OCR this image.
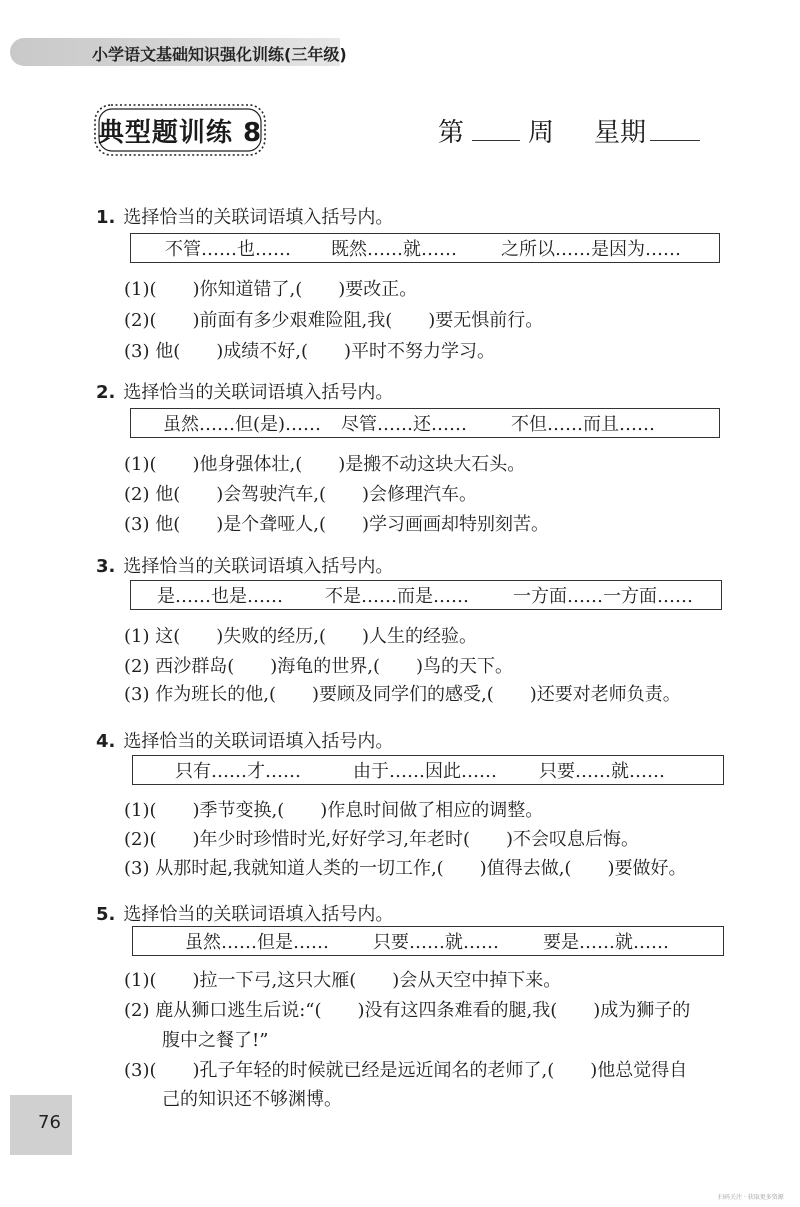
小学语文基础知识强化训练(三年级)
典型题训练 8	第 周 星期
1. 选择恰当的关联词语填入括号内。
不管……也…… 既然……就…… 之所以……是因为……
(1)(　　)你知道错了,(　　)要改正。
(2)(　　)前面有多少艰难险阻,我(　　)要无惧前行。
(3) 他(　　)成绩不好,(　　)平时不努力学习。
2. 选择恰当的关联词语填入括号内。
虽然……但(是)…… 尽管……还…… 不但……而且……
(1)(　　)他身强体壮,(　　)是搬不动这块大石头。
(2) 他(　　)会驾驶汽车,(　　)会修理汽车。
(3) 他(　　)是个聋哑人,(　　)学习画画却特别刻苦。
3. 选择恰当的关联词语填入括号内。
是……也是…… 不是……而是…… 一方面……一方面……
(1) 这(　　)失败的经历,(　　)人生的经验。
(2) 西沙群岛(　　)海龟的世界,(　　)鸟的天下。
(3) 作为班长的他,(　　)要顾及同学们的感受,(　　)还要对老师负责。
4. 选择恰当的关联词语填入括号内。
只有……才……	由于……因此…… 只要……就……
(1)(　　)季节变换,(　　)作息时间做了相应的调整。
(2)(　　)年少时珍惜时光,好好学习,年老时(　　)不会叹息后悔。
(3) 从那时起,我就知道人类的一切工作,(　　)值得去做,(　　)要做好。
5. 选择恰当的关联词语填入括号内。
虽然……但是…… 只要……就…… 要是……就……
(1)(　　)拉一下弓,这只大雁(　　)会从天空中掉下来。
(2) 鹿从狮口逃生后说:“(　　)没有这四条难看的腿,我(　　)成为狮子的
腹中之餐了!”
(3)(　　)孔子年轻的时候就已经是远近闻名的老师了,(　　)他总觉得自
己的知识还不够渊博。
76
扫码关注 · 获取更多资源
